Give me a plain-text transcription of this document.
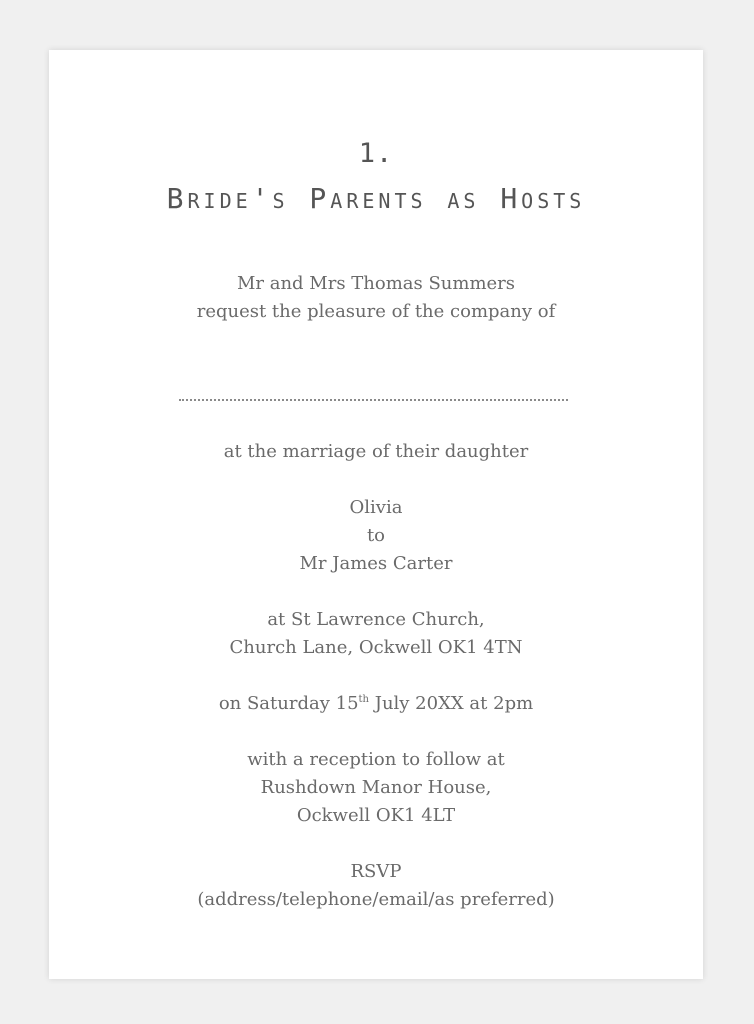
1.
Bride's Parents as Hosts
Mr and Mrs Thomas Summers
request the pleasure of the company of
at the marriage of their daughter
Olivia
to
Mr James Carter
at St Lawrence Church,
Church Lane, Ockwell OK1 4TN
on Saturday 15th July 20XX at 2pm
with a reception to follow at
Rushdown Manor House,
Ockwell OK1 4LT
RSVP
(address/telephone/email/as preferred)
